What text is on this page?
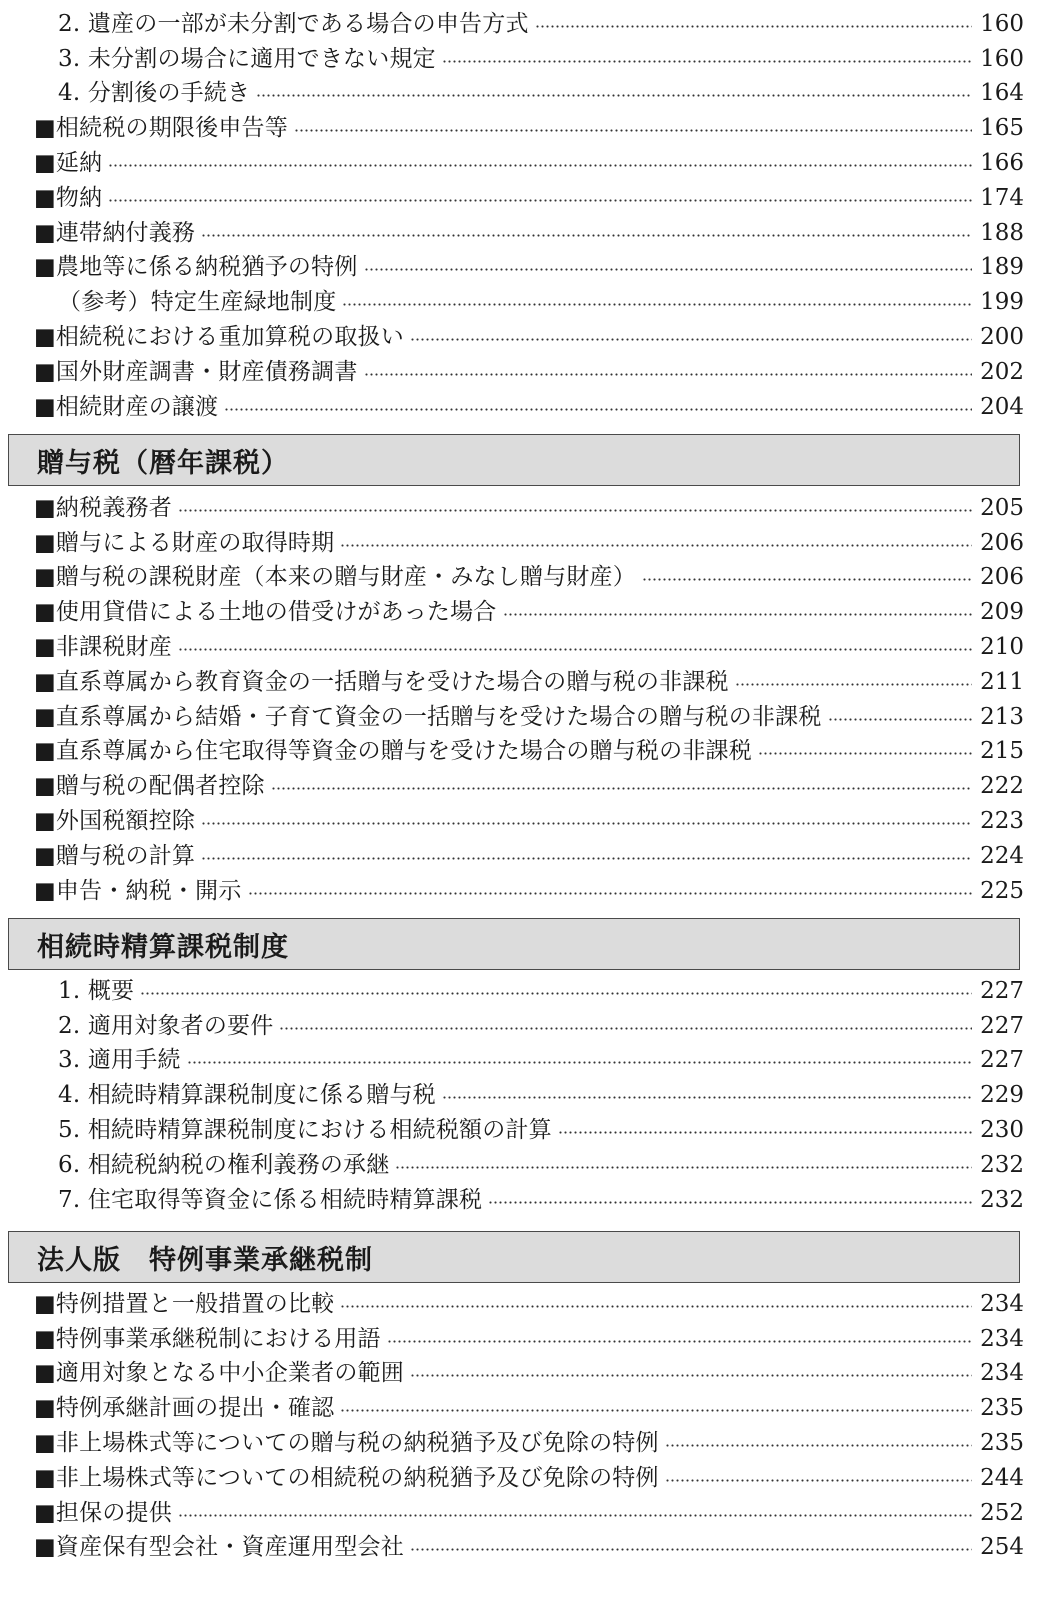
2. 遺産の一部が未分割である場合の申告方式	160
3. 未分割の場合に適用できない規定	160
4. 分割後の手続き	164
■相続税の期限後申告等	165
■延納	166
■物納	174
■連帯納付義務	188
■農地等に係る納税猶予の特例	189
（参考）特定生産緑地制度	199
■相続税における重加算税の取扱い	200
■国外財産調書・財産債務調書	202
■相続財産の譲渡	204
贈与税（暦年課税）
■納税義務者	205
■贈与による財産の取得時期	206
■贈与税の課税財産（本来の贈与財産・みなし贈与財産）	206
■使用貸借による土地の借受けがあった場合	209
■非課税財産	210
■直系尊属から教育資金の一括贈与を受けた場合の贈与税の非課税	211
■直系尊属から結婚・子育て資金の一括贈与を受けた場合の贈与税の非課税	213
■直系尊属から住宅取得等資金の贈与を受けた場合の贈与税の非課税	215
■贈与税の配偶者控除	222
■外国税額控除	223
■贈与税の計算	224
■申告・納税・開示	225
相続時精算課税制度
1. 概要	227
2. 適用対象者の要件	227
3. 適用手続	227
4. 相続時精算課税制度に係る贈与税	229
5. 相続時精算課税制度における相続税額の計算	230
6. 相続税納税の権利義務の承継	232
7. 住宅取得等資金に係る相続時精算課税	232
法人版　特例事業承継税制
■特例措置と一般措置の比較	234
■特例事業承継税制における用語	234
■適用対象となる中小企業者の範囲	234
■特例承継計画の提出・確認	235
■非上場株式等についての贈与税の納税猶予及び免除の特例	235
■非上場株式等についての相続税の納税猶予及び免除の特例	244
■担保の提供	252
■資産保有型会社・資産運用型会社	254
